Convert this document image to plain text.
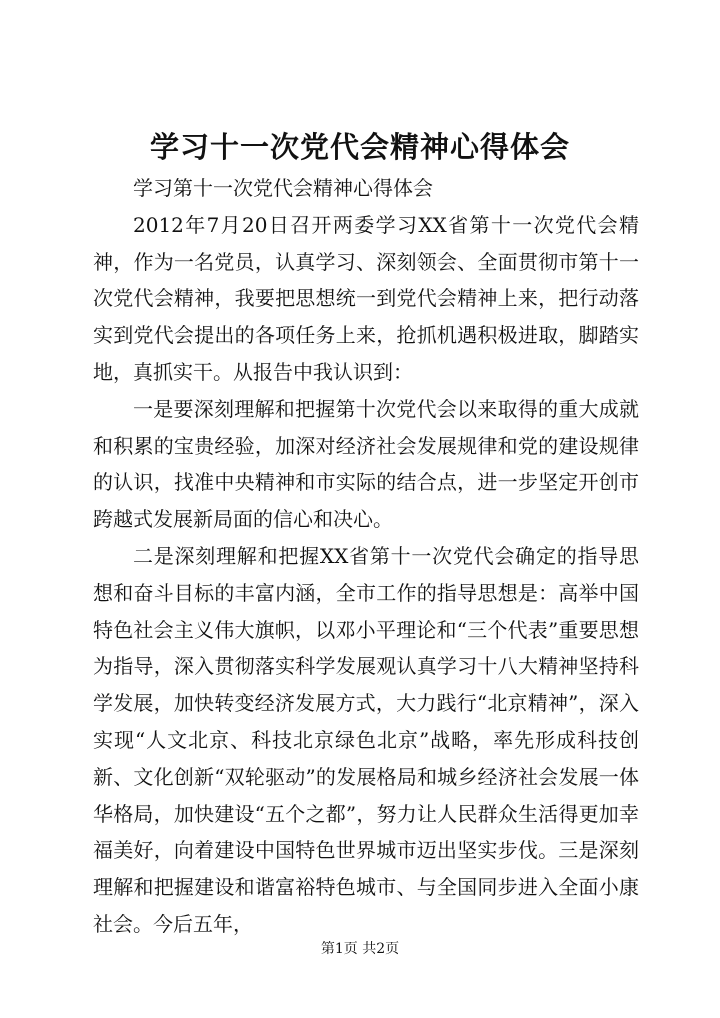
学习十一次党代会精神心得体会

学习第十一次党代会精神心得体会

2012年7月20日召开两委学习XX省第十一次党代会精神，作为一名党员，认真学习、深刻领会、全面贯彻市第十一次党代会精神，我要把思想统一到党代会精神上来，把行动落实到党代会提出的各项任务上来，抢抓机遇积极进取，脚踏实地，真抓实干。从报告中我认识到：

一是要深刻理解和把握第十次党代会以来取得的重大成就和积累的宝贵经验，加深对经济社会发展规律和党的建设规律的认识，找准中央精神和市实际的结合点，进一步坚定开创市跨越式发展新局面的信心和决心。

二是深刻理解和把握XX省第十一次党代会确定的指导思想和奋斗目标的丰富内涵，全市工作的指导思想是：高举中国特色社会主义伟大旗帜，以邓小平理论和“三个代表”重要思想为指导，深入贯彻落实科学发展观认真学习十八大精神坚持科学发展，加快转变经济发展方式，大力践行“北京精神”，深入实现“人文北京、科技北京绿色北京”战略，率先形成科技创新、文化创新“双轮驱动”的发展格局和城乡经济社会发展一体华格局，加快建设“五个之都”，努力让人民群众生活得更加幸福美好，向着建设中国特色世界城市迈出坚实步伐。三是深刻理解和把握建设和谐富裕特色城市、与全国同步进入全面小康社会。今后五年，

第1页 共2页
